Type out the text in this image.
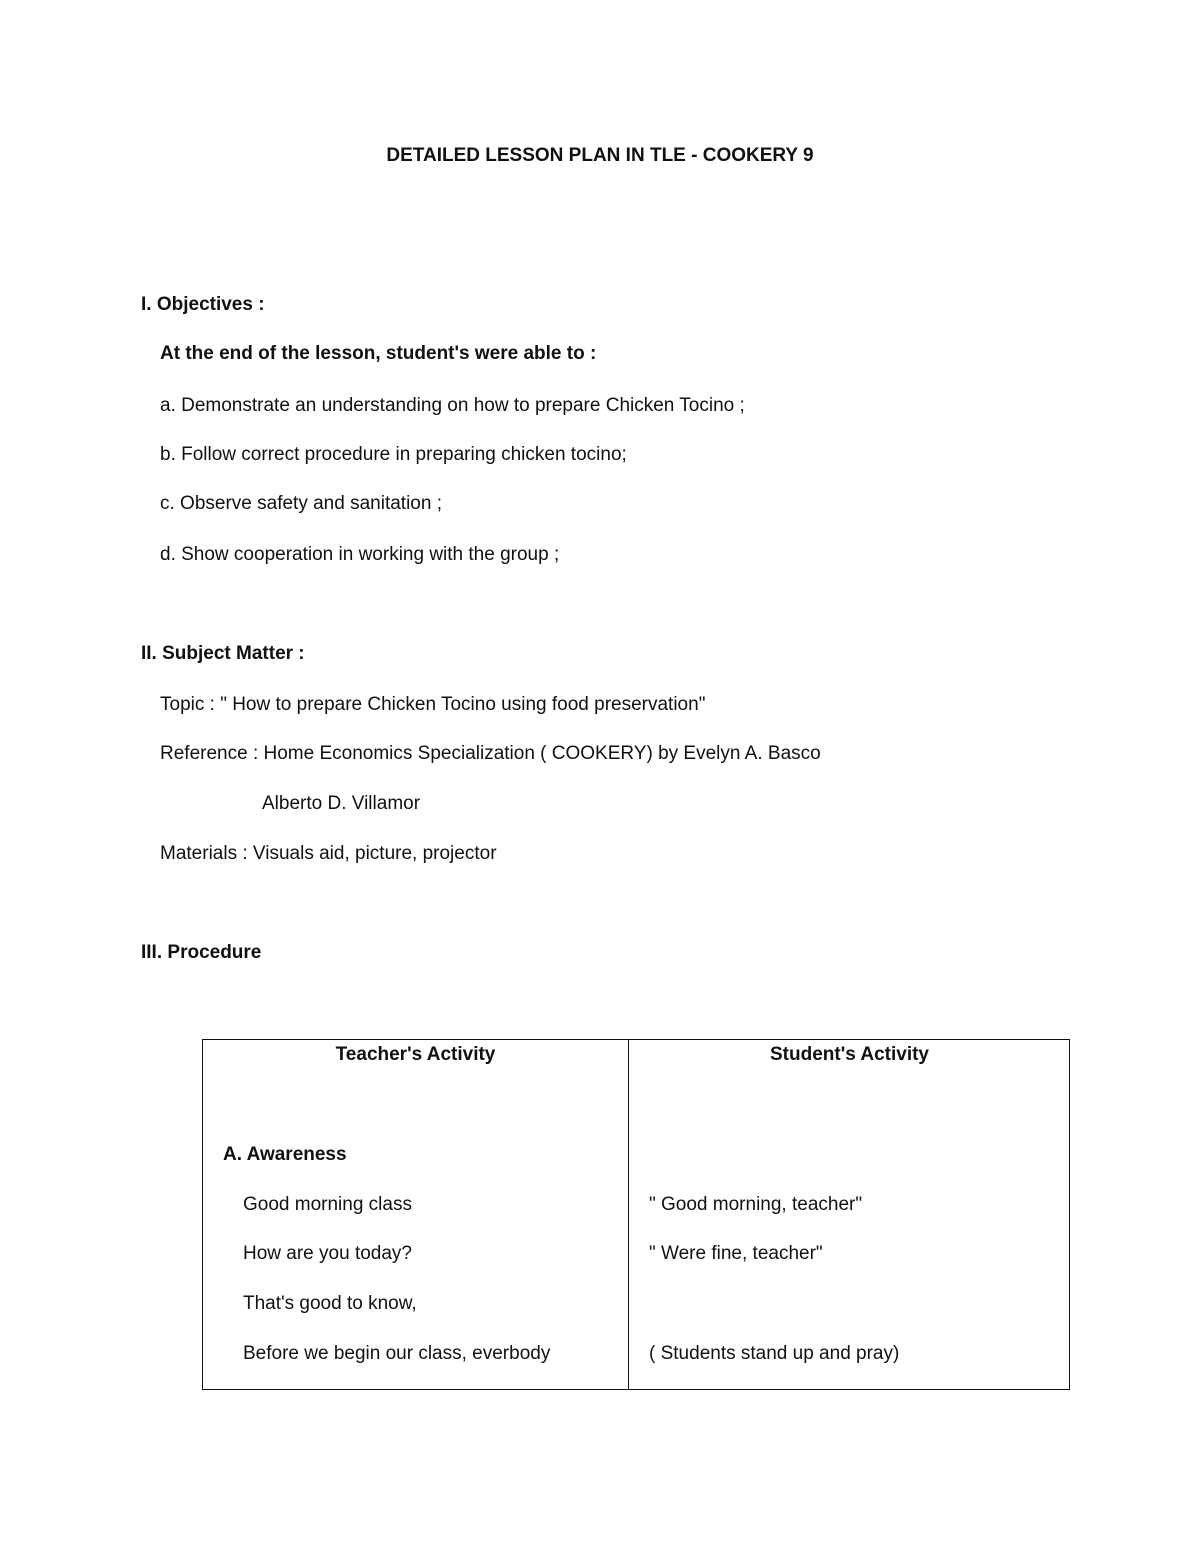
DETAILED LESSON PLAN IN TLE - COOKERY 9
I. Objectives :
At the end of the lesson, student's were able to :
a. Demonstrate an understanding on how to prepare Chicken Tocino ;
b. Follow correct procedure in preparing chicken tocino;
c. Observe safety and sanitation ;
d. Show cooperation in working with the group ;
II. Subject Matter :
Topic : " How to prepare Chicken Tocino using food preservation"
Reference : Home Economics Specialization ( COOKERY) by Evelyn A. Basco
Alberto D. Villamor
Materials : Visuals aid, picture, projector
III. Procedure
Teacher's Activity	Student's Activity
A. Awareness
Good morning class	" Good morning, teacher"
How are you today?	" Were fine, teacher"
That's good to know,
Before we begin our class, everbody	( Students stand up and pray)
